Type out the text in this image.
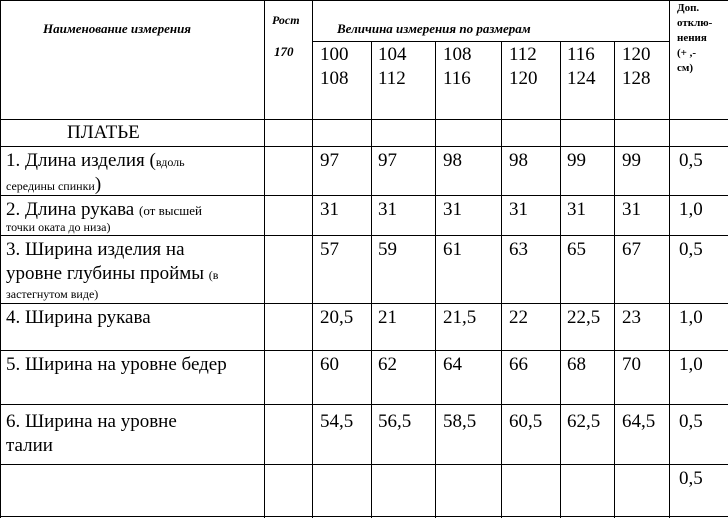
Наименование измерения
Рост
170
Величина измерения по размерам
Доп.
отклю-
нения
(+ ,-
см)
100
108
104
112
108
116
112
120
116
124
120
128
ПЛАТЬЕ
1. Длина изделия (вдоль
середины спинки)
2. Длина рукава (от высшей
точки оката до низа)
3. Ширина изделия на
уровне глубины проймы (в
застегнутом виде)
4. Ширина рукава
5. Ширина на уровне бедер
6. Ширина на уровне
талии
97 97 98 98 99 99 0,5
31 31 31 31 31 31 1,0
57 59 61 63 65 67 0,5
20,5 21 21,5 22 22,5 23 1,0
60 62 64 66 68 70 1,0
54,5 56,5 58,5 60,5 62,5 64,5 0,5
0,5
